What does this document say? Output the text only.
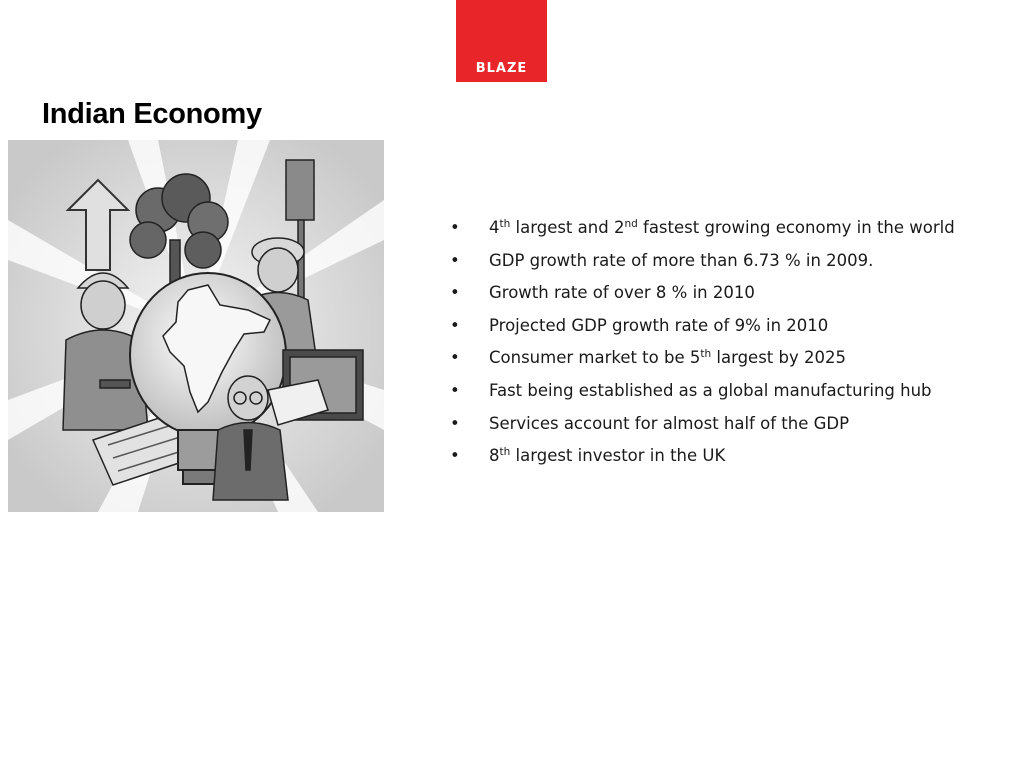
BLAZE
Indian Economy
• 4th largest and 2nd fastest growing economy in the world
• GDP growth rate of more than 6.73 % in 2009.
• Growth rate of over 8 % in 2010
• Projected GDP growth rate of 9% in 2010
• Consumer market to be 5th largest by 2025
• Fast being established as a global manufacturing hub
• Services account for almost half of the GDP
• 8th largest investor in the UK
